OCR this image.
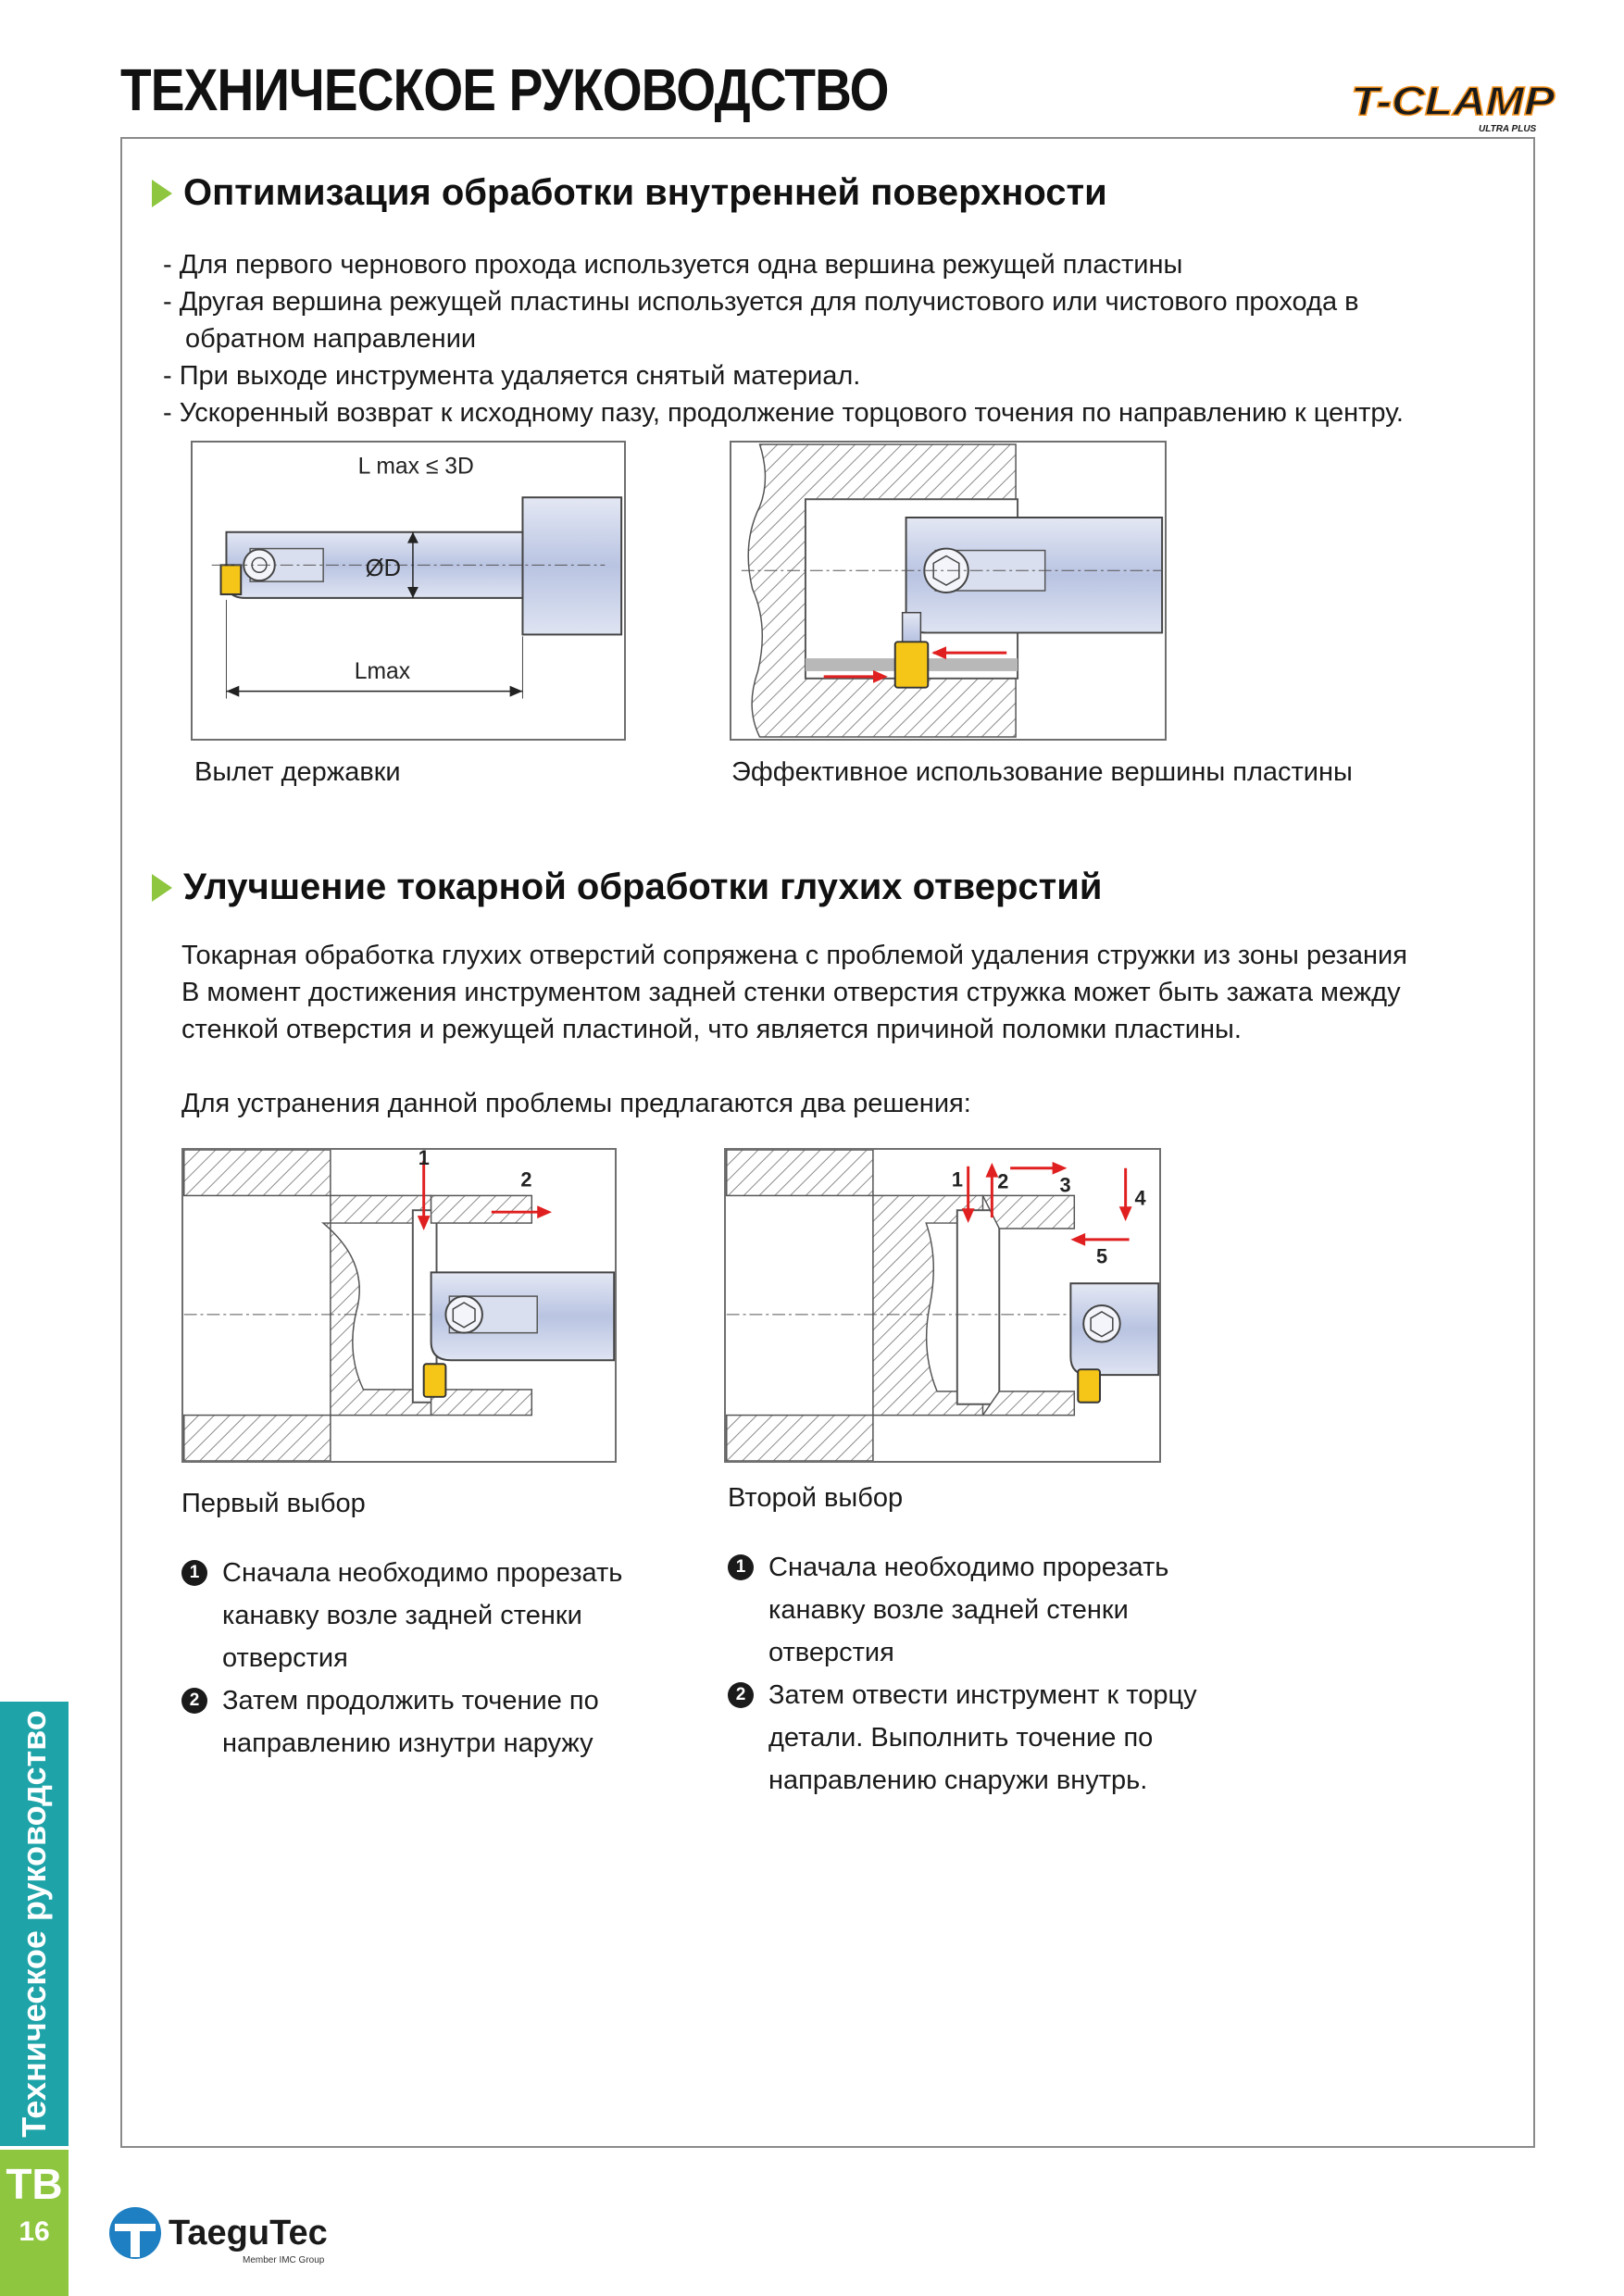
ТЕХНИЧЕСКОЕ РУКОВОДСТВО	T-CLAMP
ULTRA PLUS
Оптимизация обработки внутренней поверхности
- Для первого чернового прохода используется одна вершина режущей пластины
- Другая вершина режущей пластины используется для получистового или чистового прохода в
обратном направлении
- При выходе инструмента удаляется снятый материал.
- Ускоренный возврат к исходному пазу, продолжение торцового точения по направлению к центру.
ØD
L max ≤ 3D
Lmax
Вылет державки	Эффективное использование вершины пластины
Улучшение токарной обработки глухих отверстий
Токарная обработка глухих отверстий сопряжена с проблемой удаления стружки из зоны резания
В момент достижения инструментом задней стенки отверстия стружка может быть зажата между
стенкой отверстия и режущей пластиной, что является причиной поломки пластины.
Для устранения данной проблемы предлагаются два решения:
1
2
Первый выбор
1 2	3
4
5
Второй выбор
1 Сначала необходимо прорезать
канавку возле задней стенки
отверстия
2 Затем продолжить точение по
направлению изнутри наружу
1 Сначала необходимо прорезать
канавку возле задней стенки
отверстия
2 Затем отвести инструмент к торцу
детали. Выполнить точение по
направлению снаружи внутрь.
Техническое руководство
TB
16	TaeguTec
Member IMC Group
